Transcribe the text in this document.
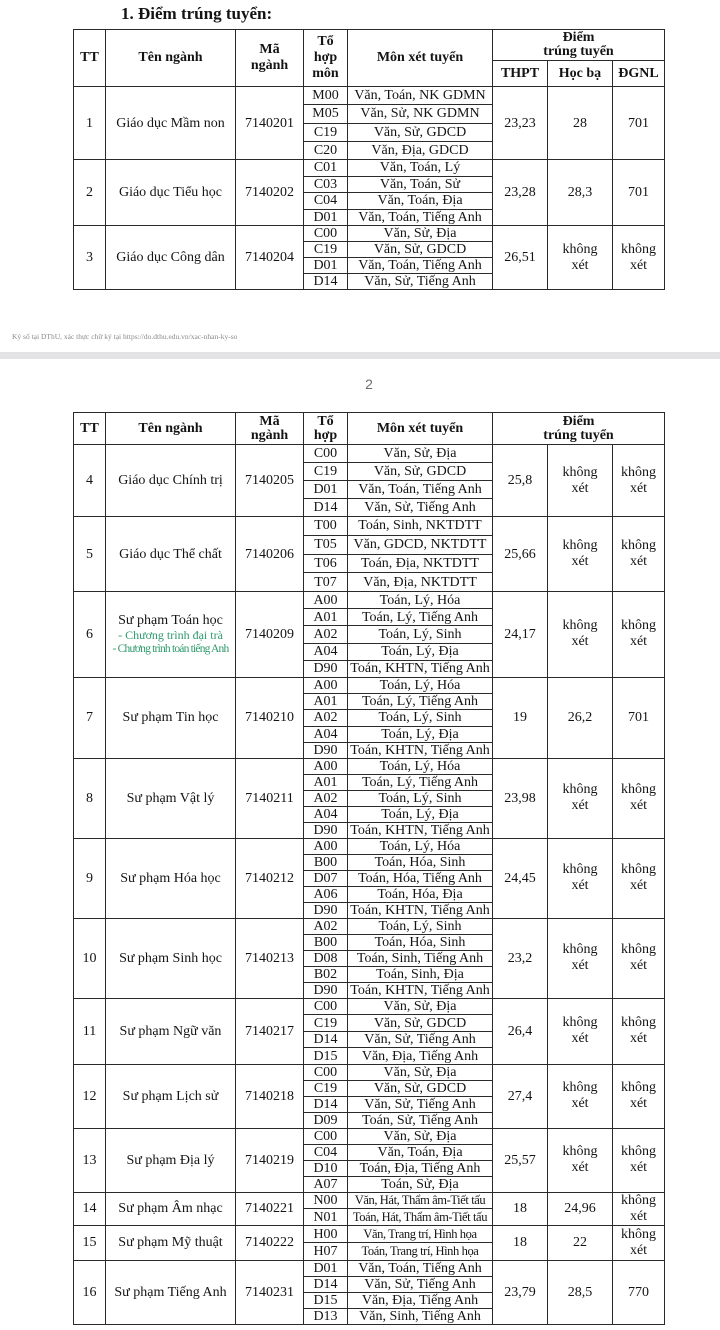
1. Điểm trúng tuyển:
TT	Tên ngành	Mã
ngành	Tổ
hợp
môn	Môn xét tuyển	Điểm
trúng tuyển		
					THPT	Học bạ	ĐGNL
1	Giáo dục Mầm non	7140201	M00	Văn, Toán, NK GDMN	23,23	28	701
			M05	Văn, Sử, NK GDMN			
			C19	Văn, Sử, GDCD			
			C20	Văn, Địa, GDCD			
2	Giáo dục Tiểu học	7140202	C01	Văn, Toán, Lý	23,28	28,3	701
			C03	Văn, Toán, Sử			
			C04	Văn, Toán, Địa			
			D01	Văn, Toán, Tiếng Anh			
3	Giáo dục Công dân	7140204	C00	Văn, Sử, Địa	26,51	không xét	không xét
			C19	Văn, Sử, GDCD			
			D01	Văn, Toán, Tiếng Anh			
			D14	Văn, Sử, Tiếng Anh			
Ký số tại DThU, xác thực chữ ký tại https://do.dthu.edu.vn/xac-nhan-ky-so
2
TT	Tên ngành	Mã
ngành	Tổ
hợp	Môn xét tuyển	Điểm
trúng tuyển		
4	Giáo dục Chính trị	7140205	C00	Văn, Sử, Địa	25,8	không xét	không xét
			C19	Văn, Sử, GDCD			
			D01	Văn, Toán, Tiếng Anh			
			D14	Văn, Sử, Tiếng Anh			
5	Giáo dục Thể chất	7140206	T00	Toán, Sinh, NKTDTT	25,66	không xét	không xét
			T05	Văn, GDCD, NKTDTT			
			T06	Toán, Địa, NKTDTT			
			T07	Văn, Địa, NKTDTT			
6	Sư phạm Toán học
- Chương trình đại trà
- Chương trình toán tiếng Anh	7140209	A00	Toán, Lý, Hóa	24,17	không xét	không xét
			A01	Toán, Lý, Tiếng Anh			
			A02	Toán, Lý, Sinh			
			A04	Toán, Lý, Địa			
			D90	Toán, KHTN, Tiếng Anh			
7	Sư phạm Tin học	7140210	A00	Toán, Lý, Hóa	19	26,2	701
			A01	Toán, Lý, Tiếng Anh			
			A02	Toán, Lý, Sinh			
			A04	Toán, Lý, Địa			
			D90	Toán, KHTN, Tiếng Anh			
8	Sư phạm Vật lý	7140211	A00	Toán, Lý, Hóa	23,98	không xét	không xét
			A01	Toán, Lý, Tiếng Anh			
			A02	Toán, Lý, Sinh			
			A04	Toán, Lý, Địa			
			D90	Toán, KHTN, Tiếng Anh			
9	Sư phạm Hóa học	7140212	A00	Toán, Lý, Hóa	24,45	không xét	không xét
			B00	Toán, Hóa, Sinh			
			D07	Toán, Hóa, Tiếng Anh			
			A06	Toán, Hóa, Địa			
			D90	Toán, KHTN, Tiếng Anh			
10	Sư phạm Sinh học	7140213	A02	Toán, Lý, Sinh	23,2	không xét	không xét
			B00	Toán, Hóa, Sinh			
			D08	Toán, Sinh, Tiếng Anh			
			B02	Toán, Sinh, Địa			
			D90	Toán, KHTN, Tiếng Anh			
11	Sư phạm Ngữ văn	7140217	C00	Văn, Sử, Địa	26,4	không xét	không xét
			C19	Văn, Sử, GDCD			
			D14	Văn, Sử, Tiếng Anh			
			D15	Văn, Địa, Tiếng Anh			
12	Sư phạm Lịch sử	7140218	C00	Văn, Sử, Địa	27,4	không xét	không xét
			C19	Văn, Sử, GDCD			
			D14	Văn, Sử, Tiếng Anh			
			D09	Toán, Sử, Tiếng Anh			
13	Sư phạm Địa lý	7140219	C00	Văn, Sử, Địa	25,57	không xét	không xét
			C04	Văn, Toán, Địa			
			D10	Toán, Địa, Tiếng Anh			
			A07	Toán, Sử, Địa			
14	Sư phạm Âm nhạc	7140221	N00	Văn, Hát, Thẩm âm-Tiết tấu	18	24,96	không xét
			N01	Toán, Hát, Thẩm âm-Tiết tấu			
15	Sư phạm Mỹ thuật	7140222	H00	Văn, Trang trí, Hình họa	18	22	không xét
			H07	Toán, Trang trí, Hình họa			
16	Sư phạm Tiếng Anh	7140231	D01	Văn, Toán, Tiếng Anh	23,79	28,5	770
			D14	Văn, Sử, Tiếng Anh			
			D15	Văn, Địa, Tiếng Anh			
			D13	Văn, Sinh, Tiếng Anh			
